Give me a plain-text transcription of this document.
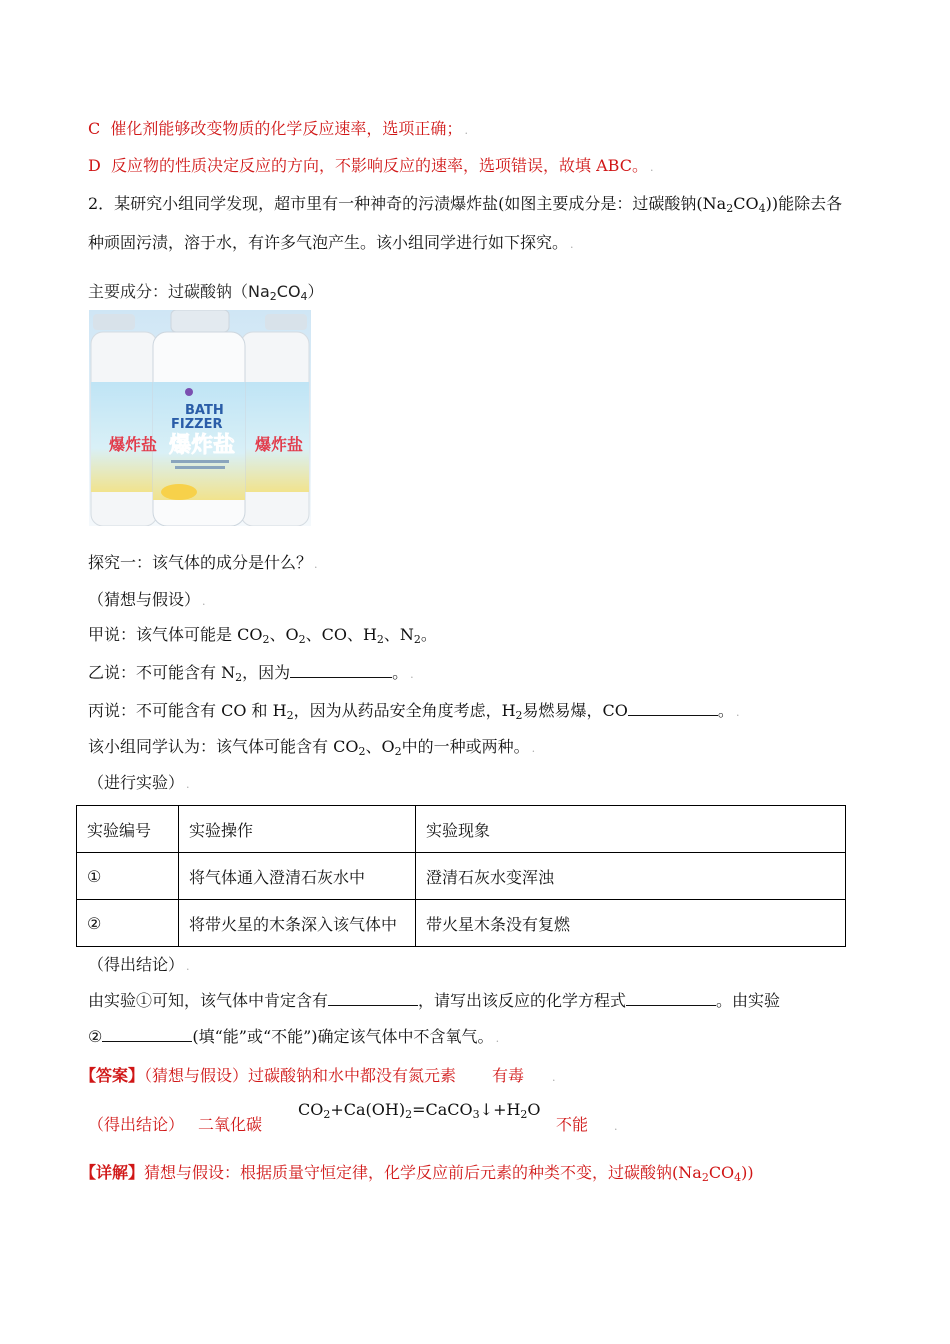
C 催化剂能够改变物质的化学反应速率，选项正确； .
D 反应物的性质决定反应的方向，不影响反应的速率，选项错误，故填 ABC。 .
2．某研究小组同学发现，超市里有一种神奇的污渍爆炸盐(如图主要成分是：过碳酸钠$(Na_2CO_4)$)能除去各
种顽固污渍，溶于水，有许多气泡产生。该小组同学进行如下探究。 .
主要成分：过碳酸钠$(Na_2CO_4)$
BATH
FIZZER
爆炸盐
爆炸盐	爆炸盐
探究一：该气体的成分是什么？ .
（猜想与假设） .
甲说：该气体可能是 $CO_2$、$O_2$、CO、$H_2$、$N_2$。
乙说：不可能含有 $N_2$，因为	。 .
丙说：不可能含有 CO 和 $H_2$，因为从药品安全角度考虑，$H_2$易燃易爆，CO	。 .
该小组同学认为：该气体可能含有 $CO_2$、$O_2$中的一种或两种。 .
（进行实验） .
实验编号	实验操作	实验现象
①	将气体通入澄清石灰水中	澄清石灰水变浑浊
②	将带火星的木条深入该气体中	带火星木条没有复燃
（得出结论） .
由实验①可知，该气体中肯定含有	，请写出该反应的化学方程式	。由实验
②	(填“能”或“不能”)确定该气体中不含氧气。 .
【答案】（猜想与假设）过碳酸钠和水中都没有氮元素 有毒	.
$CO_2+Ca(OH)_2=CaCO_3↓+H_2O$
（得出结论） 二氧化碳	不能 .
【详解】猜想与假设：根据质量守恒定律，化学反应前后元素的种类不变，过碳酸钠$(Na_2CO_4)$)
